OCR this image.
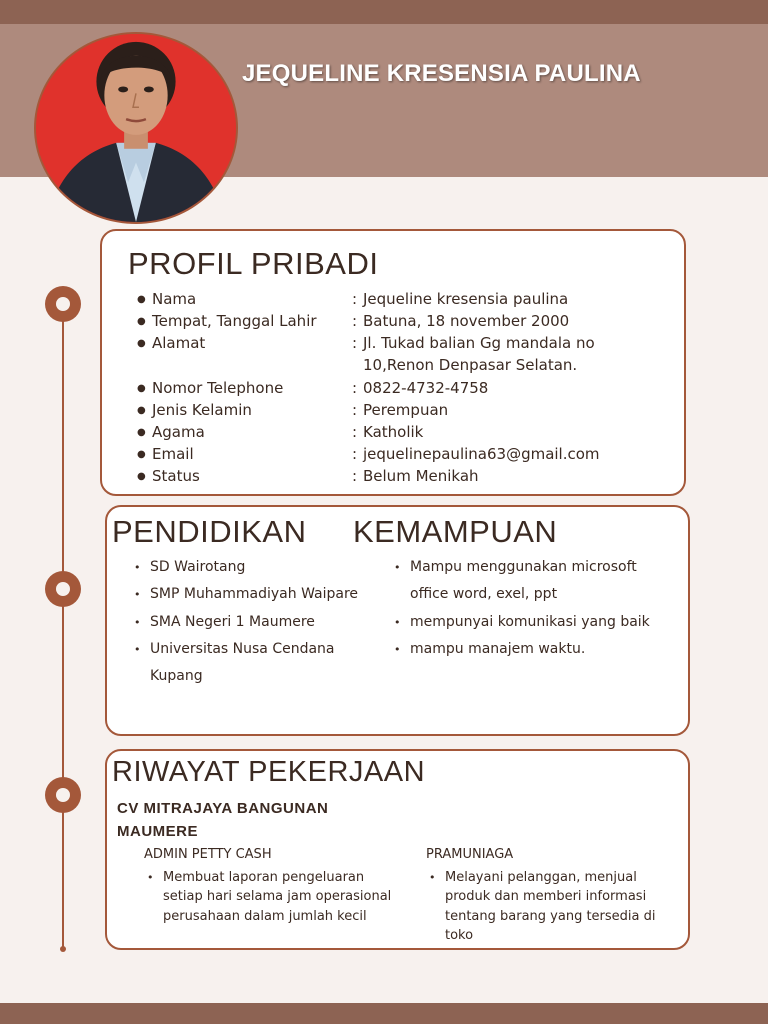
JEQUELINE KRESENSIA PAULINA
PROFIL PRIBADI
● Nama	: Jequeline kresensia paulina
● Tempat, Tanggal Lahir : Batuna, 18 november 2000
● Alamat	: Jl. Tukad balian Gg mandala no
10,Renon Denpasar Selatan.
● Nomor Telephone	: 0822-4732-4758
● Jenis Kelamin	: Perempuan
● Agama	: Katholik
● Email	: jequelinepaulina63@gmail.com
● Status	: Belum Menikah
PENDIDIKAN KEMAMPUAN
• SD Wairotang
• SMP Muhammadiyah Waipare
• SMA Negeri 1 Maumere
• Universitas Nusa Cendana Kupang
• Mampu menggunakan microsoft office word, exel, ppt
• mempunyai komunikasi yang baik
• mampu manajem waktu.
RIWAYAT PEKERJAAN
CV MITRAJAYA BANGUNAN MAUMERE
ADMIN PETTY CASH
• Membuat laporan pengeluaran setiap hari selama jam operasional perusahaan dalam jumlah kecil
PRAMUNIAGA
• Melayani pelanggan, menjual produk dan memberi informasi tentang barang yang tersedia di toko
